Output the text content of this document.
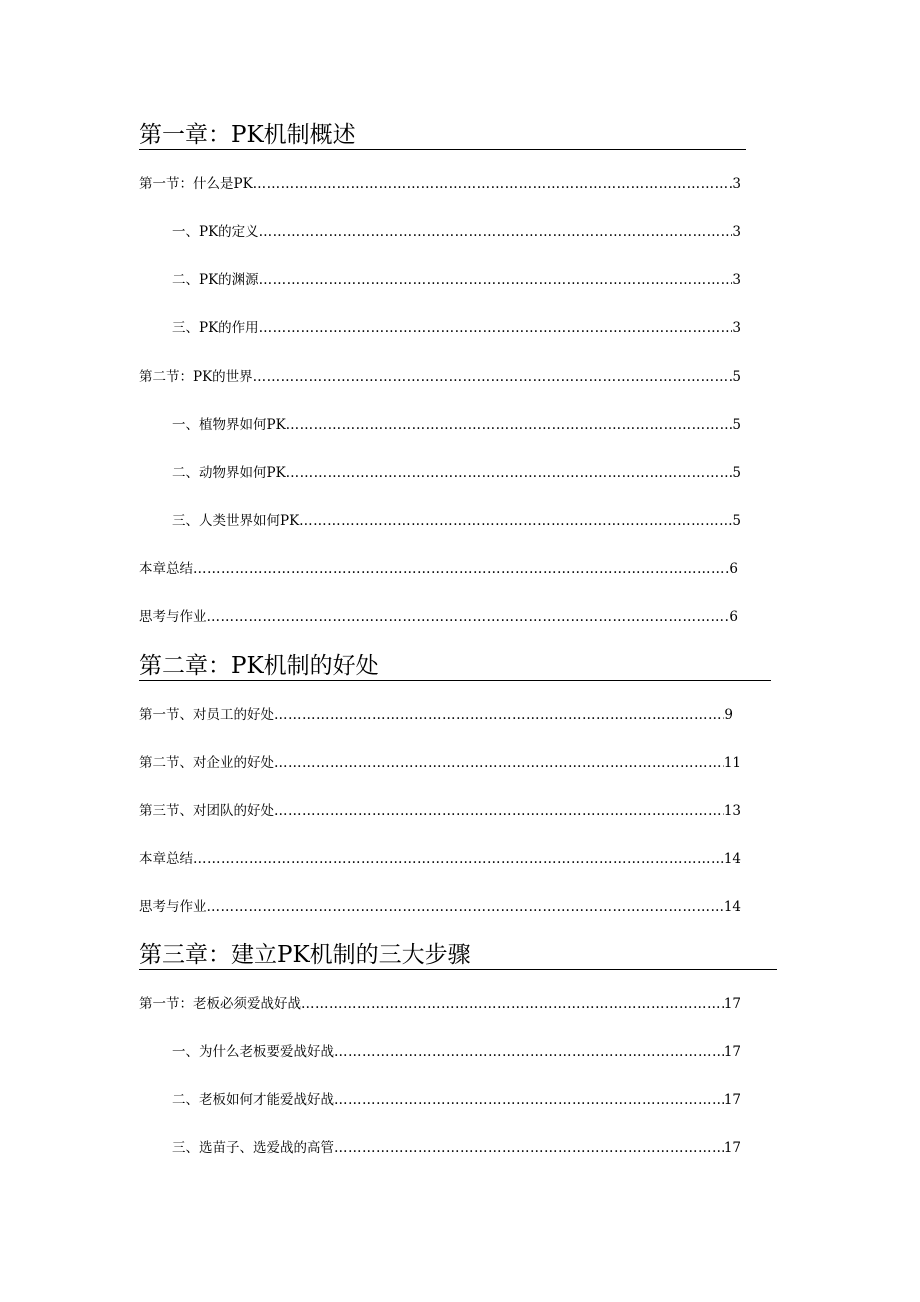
第一章：PK机制概述
第一节：什么是PK …………………………………………………………………………………………………………………………………………………………………	3
一、PK的定义 …………………………………………………………………………………………………………………………………………………………………	3
二、PK的渊源 …………………………………………………………………………………………………………………………………………………………………	3
三、PK的作用 …………………………………………………………………………………………………………………………………………………………………	3
第二节：PK的世界 …………………………………………………………………………………………………………………………………………………………………	5
一、植物界如何PK …………………………………………………………………………………………………………………………………………………………………	5
二、动物界如何PK …………………………………………………………………………………………………………………………………………………………………	5
三、人类世界如何PK …………………………………………………………………………………………………………………………………………………………………	5
本章总结 …………………………………………………………………………………………………………………………………………………………………	6
思考与作业 …………………………………………………………………………………………………………………………………………………………………	6
第二章：PK机制的好处
第一节、对员工的好处 …………………………………………………………………………………………………………………………………………………………………	9
第二节、对企业的好处 …………………………………………………………………………………………………………………………………………………………………	11
第三节、对团队的好处 …………………………………………………………………………………………………………………………………………………………………	13
本章总结 …………………………………………………………………………………………………………………………………………………………………	14
思考与作业 …………………………………………………………………………………………………………………………………………………………………	14
第三章：建立PK机制的三大步骤
第一节：老板必须爱战好战 …………………………………………………………………………………………………………………………………………………………………	17
一、为什么老板要爱战好战 …………………………………………………………………………………………………………………………………………………………………	17
二、老板如何才能爱战好战 …………………………………………………………………………………………………………………………………………………………………	17
三、选苗子、选爱战的高管 …………………………………………………………………………………………………………………………………………………………………	17
